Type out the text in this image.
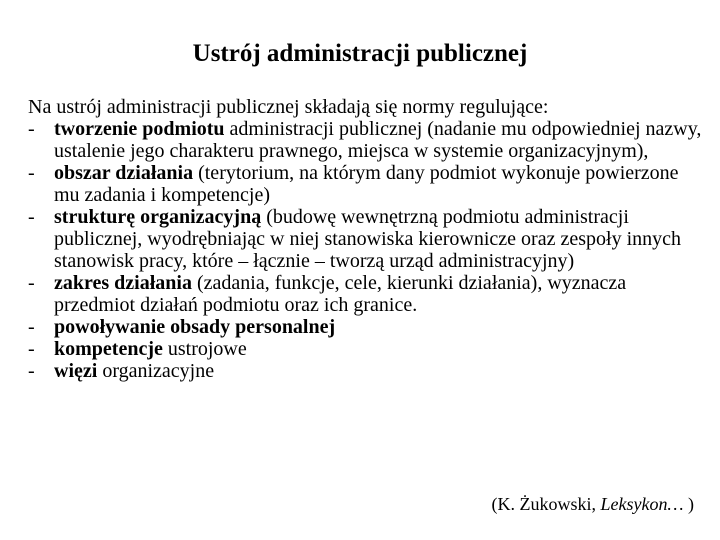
Ustrój administracji publicznej
Na ustrój administracji publicznej składają się normy regulujące:
- tworzenie podmiotu administracji publicznej (nadanie mu odpowiedniej nazwy, ustalenie jego charakteru prawnego, miejsca w systemie organizacyjnym),
- obszar działania (terytorium, na którym dany podmiot wykonuje powierzone mu zadania i kompetencje)
- strukturę organizacyjną (budowę wewnętrzną podmiotu administracji publicznej, wyodrębniając w niej stanowiska kierownicze oraz zespoły innych stanowisk pracy, które – łącznie – tworzą urząd administracyjny)
- zakres działania (zadania, funkcje, cele, kierunki działania), wyznacza przedmiot działań podmiotu oraz ich granice.
- powoływanie obsady personalnej
- kompetencje ustrojowe
- więzi organizacyjne
(K. Żukowski, Leksykon… )
